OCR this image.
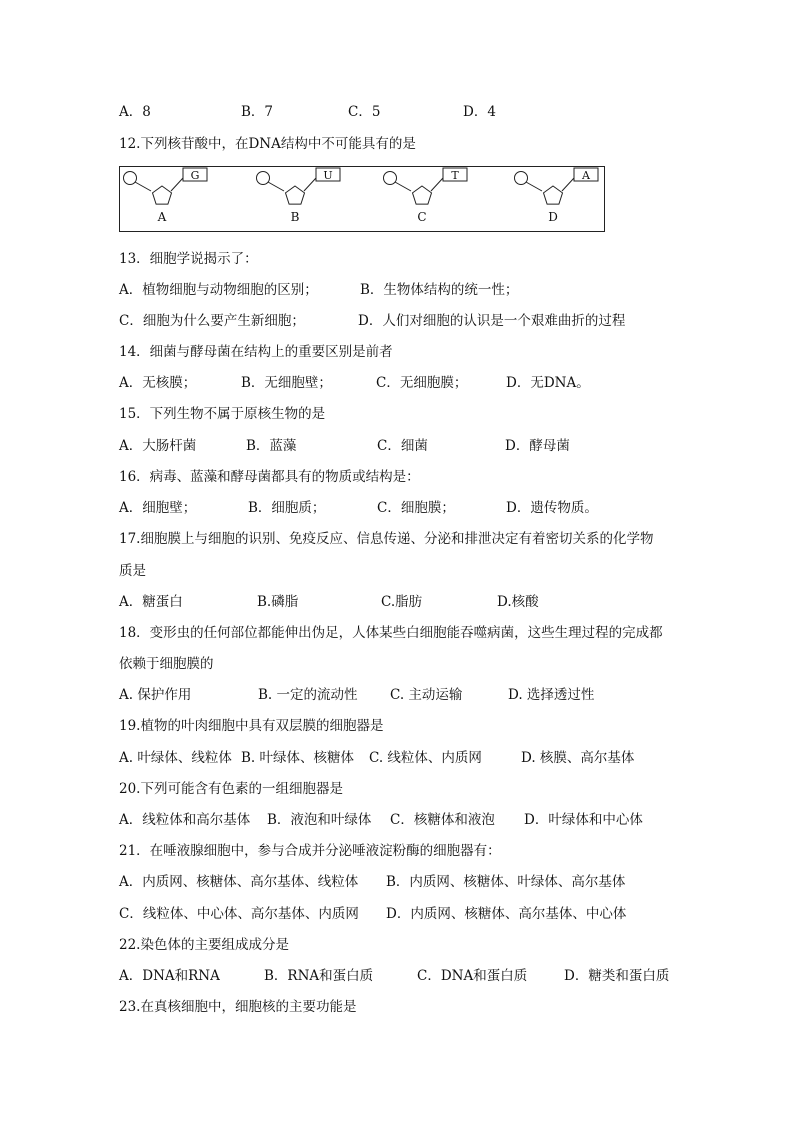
A．8	B．7	C．5	D．4
12.下列核苷酸中，在DNA结构中不可能具有的是
G
A
U
B
T
C
A
D
13．细胞学说揭示了：
A．植物细胞与动物细胞的区别；	B．生物体结构的统一性；
C．细胞为什么要产生新细胞；	D．人们对细胞的认识是一个艰难曲折的过程
14．细菌与酵母菌在结构上的重要区别是前者
A．无核膜；	B．无细胞壁；	C．无细胞膜；	D．无DNA。
15．下列生物不属于原核生物的是
A．大肠杆菌	B．蓝藻	C．细菌	D．酵母菌
16．病毒、蓝藻和酵母菌都具有的物质或结构是：
A．细胞壁；	B．细胞质；	C．细胞膜；	D．遗传物质。
17.细胞膜上与细胞的识别、免疫反应、信息传递、分泌和排泄决定有着密切关系的化学物
质是
A．糖蛋白	B.磷脂	C.脂肪	D.核酸
18．变形虫的任何部位都能伸出伪足，人体某些白细胞能吞噬病菌，这些生理过程的完成都
依赖于细胞膜的
A. 保护作用	B. 一定的流动性 C. 主动运输	D. 选择透过性
19.植物的叶肉细胞中具有双层膜的细胞器是
A. 叶绿体、线粒体 B. 叶绿体、核糖体 C. 线粒体、内质网	D. 核膜、高尔基体
20.下列可能含有色素的一组细胞器是
A．线粒体和高尔基体 B．液泡和叶绿体 C．核糖体和液泡 D．叶绿体和中心体
21．在唾液腺细胞中，参与合成并分泌唾液淀粉酶的细胞器有：
A．内质网、核糖体、高尔基体、线粒体 B．内质网、核糖体、叶绿体、高尔基体
C．线粒体、中心体、高尔基体、内质网 D．内质网、核糖体、高尔基体、中心体
22.染色体的主要组成成分是
A．DNA和RNA	B．RNA和蛋白质	C．DNA和蛋白质	D．糖类和蛋白质
23.在真核细胞中，细胞核的主要功能是
